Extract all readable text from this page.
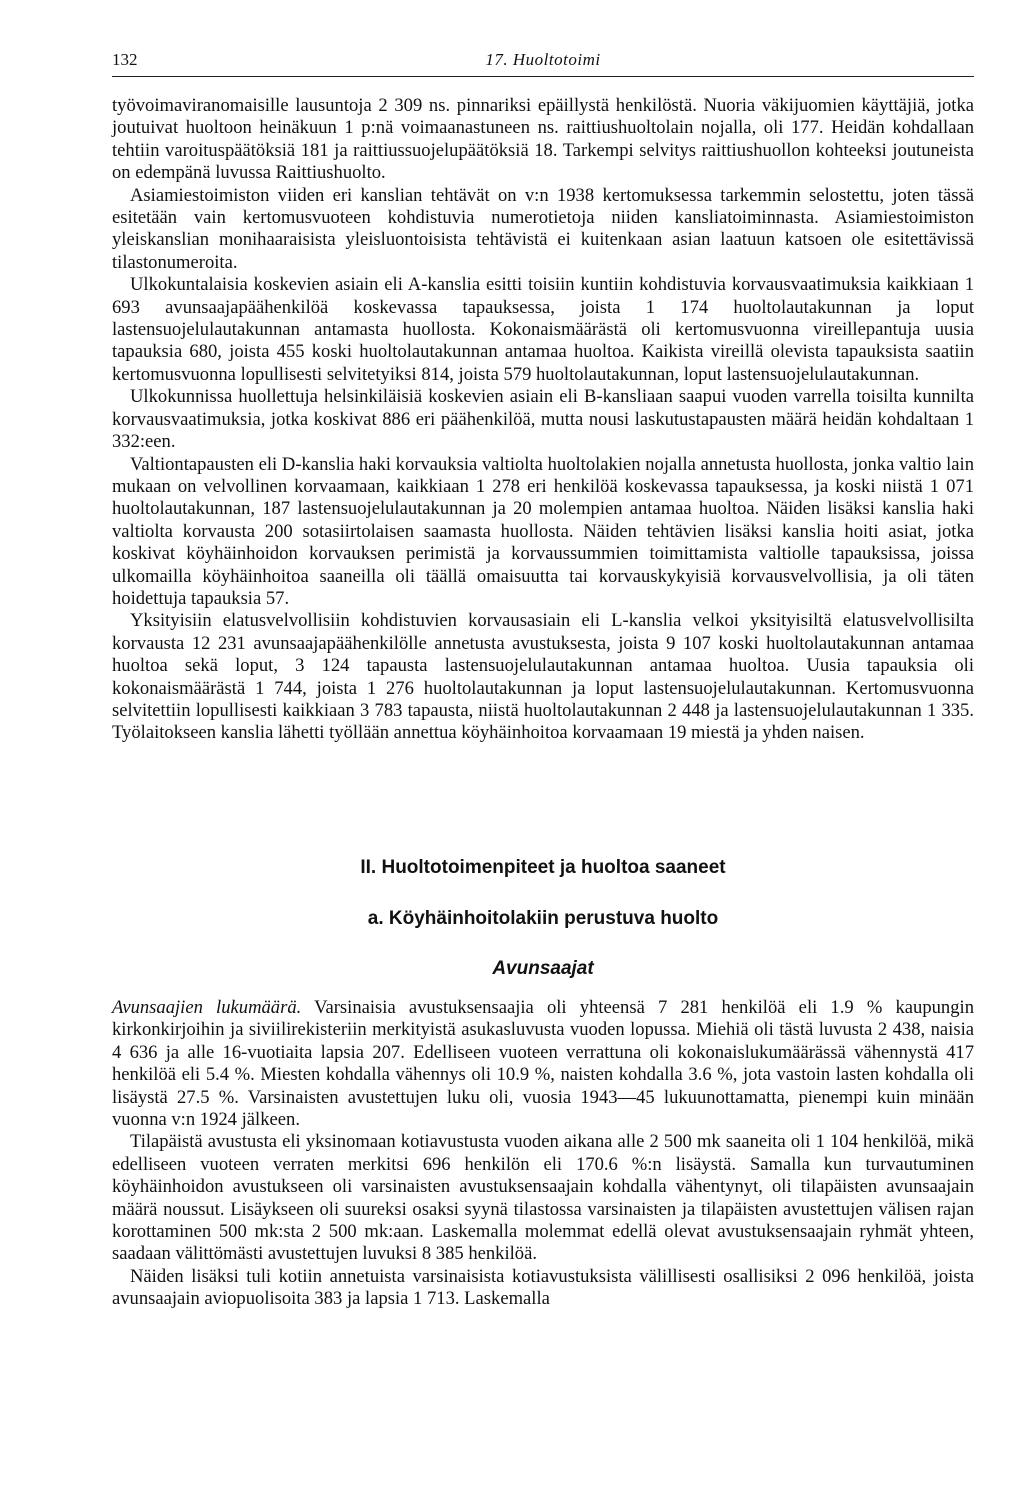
132	17. Huoltotoimi

työvoimaviranomaisille lausuntoja 2 309 ns. pinnariksi epäillystä henkilöstä. Nuoria väkijuomien käyttäjiä, jotka joutuivat huoltoon heinäkuun 1 p:nä voimaanastuneen ns. raittiushuoltolain nojalla, oli 177. Heidän kohdallaan tehtiin varoituspäätöksiä 181 ja raittiussuojelupäätöksiä 18. Tarkempi selvitys raittiushuollon kohteeksi joutuneista on edempänä luvussa Raittiushuolto.

Asiamiestoimiston viiden eri kanslian tehtävät on v:n 1938 kertomuksessa tarkemmin selostettu, joten tässä esitetään vain kertomusvuoteen kohdistuvia numerotietoja niiden kansliatoiminnasta. Asiamiestoimiston yleiskanslian monihaaraisista yleisluontoisista tehtävistä ei kuitenkaan asian laatuun katsoen ole esitettävissä tilastonumeroita.

Ulkokuntalaisia koskevien asiain eli A-kanslia esitti toisiin kuntiin kohdistuvia korvausvaatimuksia kaikkiaan 1 693 avunsaajapäähenkilöä koskevassa tapauksessa, joista 1 174 huoltolautakunnan ja loput lastensuojelulautakunnan antamasta huollosta. Kokonaismäärästä oli kertomusvuonna vireillepantuja uusia tapauksia 680, joista 455 koski huoltolautakunnan antamaa huoltoa. Kaikista vireillä olevista tapauksista saatiin kertomusvuonna lopullisesti selvitetyiksi 814, joista 579 huoltolautakunnan, loput lastensuojelulautakunnan.

Ulkokunnissa huollettuja helsinkiläisiä koskevien asiain eli B-kansliaan saapui vuoden varrella toisilta kunnilta korvausvaatimuksia, jotka koskivat 886 eri päähenkilöä, mutta nousi laskutustapausten määrä heidän kohdaltaan 1 332:een.

Valtiontapausten eli D-kanslia haki korvauksia valtiolta huoltolakien nojalla annetusta huollosta, jonka valtio lain mukaan on velvollinen korvaamaan, kaikkiaan 1 278 eri henkilöä koskevassa tapauksessa, ja koski niistä 1 071 huoltolautakunnan, 187 lastensuojelulautakunnan ja 20 molempien antamaa huoltoa. Näiden lisäksi kanslia haki valtiolta korvausta 200 sotasiirtolaisen saamasta huollosta. Näiden tehtävien lisäksi kanslia hoiti asiat, jotka koskivat köyhäinhoidon korvauksen perimistä ja korvaussummien toimittamista valtiolle tapauksissa, joissa ulkomailla köyhäinhoitoa saaneilla oli täällä omaisuutta tai korvauskykyisiä korvausvelvollisia, ja oli täten hoidettuja tapauksia 57.

Yksityisiin elatusvelvollisiin kohdistuvien korvausasiain eli L-kanslia velkoi yksityisiltä elatusvelvollisilta korvausta 12 231 avunsaajapäähenkilölle annetusta avustuksesta, joista 9 107 koski huoltolautakunnan antamaa huoltoa sekä loput, 3 124 tapausta lastensuojelulautakunnan antamaa huoltoa. Uusia tapauksia oli kokonaismäärästä 1 744, joista 1 276 huoltolautakunnan ja loput lastensuojelulautakunnan. Kertomusvuonna selvitettiin lopullisesti kaikkiaan 3 783 tapausta, niistä huoltolautakunnan 2 448 ja lastensuojelulautakunnan 1 335. Työlaitokseen kanslia lähetti työllään annettua köyhäinhoitoa korvaamaan 19 miestä ja yhden naisen.

II. Huoltotoimenpiteet ja huoltoa saaneet
a. Köyhäinhoitolakiin perustuva huolto
Avunsaajat

Avunsaajien lukumäärä. Varsinaisia avustuksensaajia oli yhteensä 7 281 henkilöä eli 1.9 % kaupungin kirkonkirjoihin ja siviilirekisteriin merkityistä asukasluvusta vuoden lopussa. Miehiä oli tästä luvusta 2 438, naisia 4 636 ja alle 16-vuotiaita lapsia 207. Edelliseen vuoteen verrattuna oli kokonaislukumäärässä vähennystä 417 henkilöä eli 5.4 %. Miesten kohdalla vähennys oli 10.9 %, naisten kohdalla 3.6 %, jota vastoin lasten kohdalla oli lisäystä 27.5 %. Varsinaisten avustettujen luku oli, vuosia 1943—45 lukuunottamatta, pienempi kuin minään vuonna v:n 1924 jälkeen.

Tilapäistä avustusta eli yksinomaan kotiavustusta vuoden aikana alle 2 500 mk saaneita oli 1 104 henkilöä, mikä edelliseen vuoteen verraten merkitsi 696 henkilön eli 170.6 %:n lisäystä. Samalla kun turvautuminen köyhäinhoidon avustukseen oli varsinaisten avustuksensaajain kohdalla vähentynyt, oli tilapäisten avunsaajain määrä noussut. Lisäykseen oli suureksi osaksi syynä tilastossa varsinaisten ja tilapäisten avustettujen välisen rajan korottaminen 500 mk:sta 2 500 mk:aan. Laskemalla molemmat edellä olevat avustuksensaajain ryhmät yhteen, saadaan välittömästi avustettujen luvuksi 8 385 henkilöä.

Näiden lisäksi tuli kotiin annetuista varsinaisista kotiavustuksista välillisesti osallisiksi 2 096 henkilöä, joista avunsaajain aviopuolisoita 383 ja lapsia 1 713. Laskemalla
